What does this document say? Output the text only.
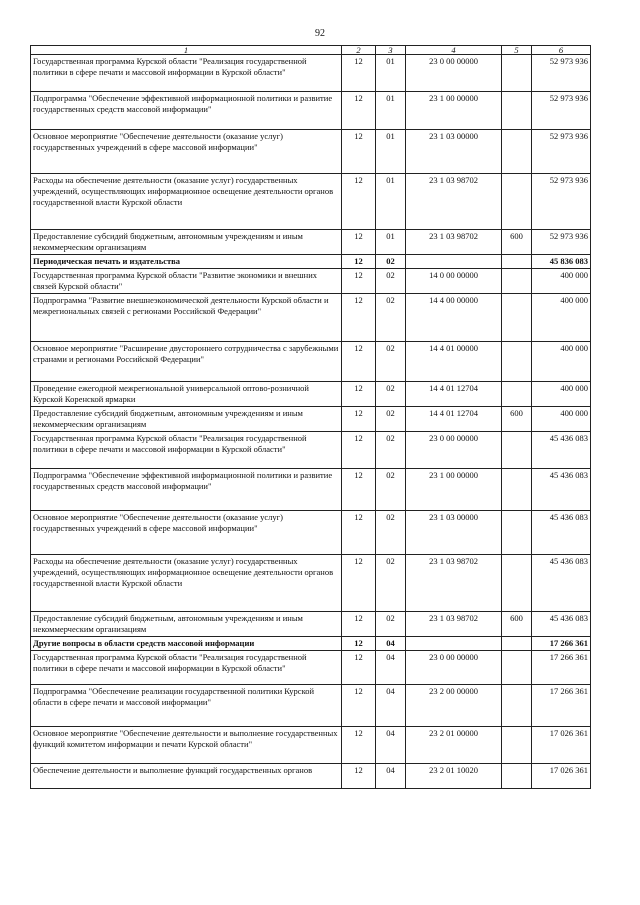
92
1	2	3	4	5	6
Государственная программа Курской области "Реализация государственной политики в сфере печати и массовой информации в Курской области"	12	01	23 0 00 00000		52 973 936
Подпрограмма "Обеспечение эффективной информационной политики и развитие государственных средств массовой информации"	12	01	23 1 00 00000		52 973 936
Основное мероприятие "Обеспечение деятельности (оказание услуг) государственных учреждений в сфере массовой информации"	12	01	23 1 03 00000		52 973 936
Расходы на обеспечение деятельности (оказание услуг) государственных учреждений, осуществляющих информационное освещение деятельности органов государственной власти Курской области	12	01	23 1 03 98702		52 973 936
Предоставление субсидий бюджетным, автономным учреждениям и иным некоммерческим организациям	12	01	23 1 03 98702	600	52 973 936
Периодическая печать и издательства	12	02			45 836 083
Государственная программа Курской области "Развитие экономики и внешних связей Курской области"	12	02	14 0 00 00000		400 000
Подпрограмма "Развитие внешнеэкономической деятельности Курской области и межрегиональных связей с регионами Российской Федерации"	12	02	14 4 00 00000		400 000
Основное мероприятие "Расширение двустороннего сотрудничества с зарубежными странами и регионами Российской Федерации"	12	02	14 4 01 00000		400 000
Проведение ежегодной межрегиональной универсальной оптово-розничной Курской Коренской ярмарки	12	02	14 4 01 12704		400 000
Предоставление субсидий бюджетным, автономным учреждениям и иным некоммерческим организациям	12	02	14 4 01 12704	600	400 000
Государственная программа Курской области "Реализация государственной политики в сфере печати и массовой информации в Курской области"	12	02	23 0 00 00000		45 436 083
Подпрограмма "Обеспечение эффективной информационной политики и развитие государственных средств массовой информации"	12	02	23 1 00 00000		45 436 083
Основное мероприятие "Обеспечение деятельности (оказание услуг) государственных учреждений в сфере массовой информации"	12	02	23 1 03 00000		45 436 083
Расходы на обеспечение деятельности (оказание услуг) государственных учреждений, осуществляющих информационное освещение деятельности органов государственной власти Курской области	12	02	23 1 03 98702		45 436 083
Предоставление субсидий бюджетным, автономным учреждениям и иным некоммерческим организациям	12	02	23 1 03 98702	600	45 436 083
Другие вопросы в области средств массовой информации	12	04			17 266 361
Государственная программа Курской области "Реализация государственной политики в сфере печати и массовой информации в Курской области"	12	04	23 0 00 00000		17 266 361
Подпрограмма "Обеспечение реализации государственной политики Курской области в сфере печати и массовой информации"	12	04	23 2 00 00000		17 266 361
Основное мероприятие "Обеспечение деятельности и выполнение государственных функций комитетом информации и печати Курской области"	12	04	23 2 01 00000		17 026 361
Обеспечение деятельности и выполнение функций государственных органов	12	04	23 2 01 10020		17 026 361
